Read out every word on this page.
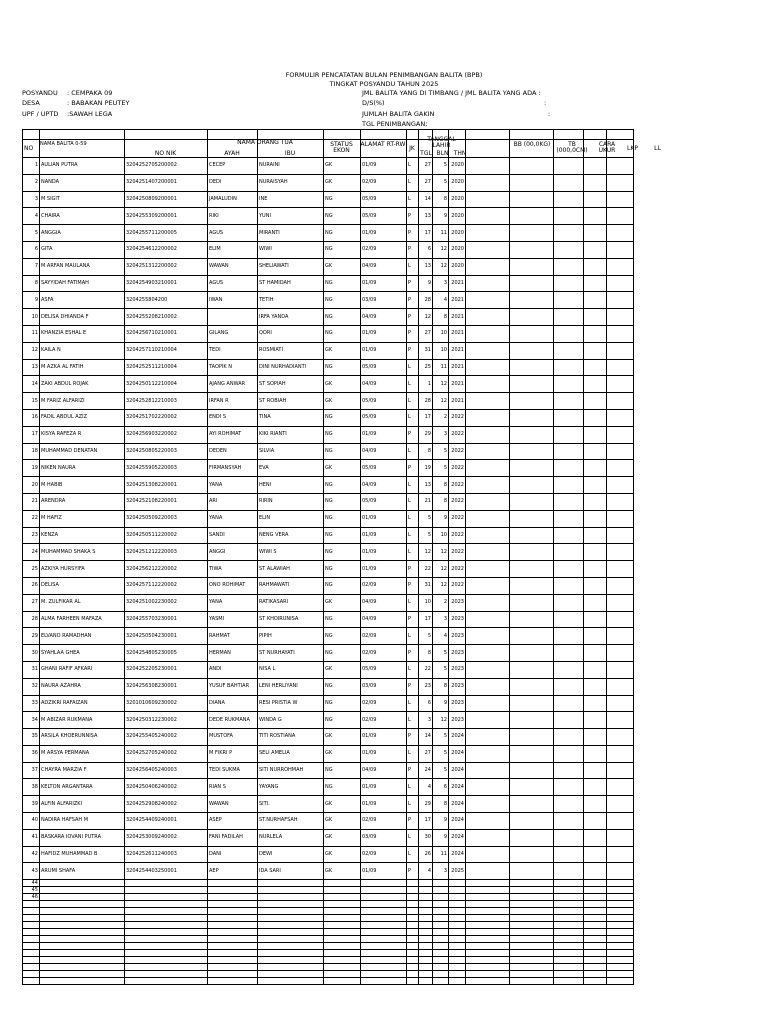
FORMULIR PENCATATAN BULAN PENIMBANGAN BALITA (BPB)
TINGKAT POSYANDU TAHUN 2025
POSYANDU : CEMPAKA 09
DESA	: BABAKAN PEUTEY
UPF / UPTD :SAWAH LEGA
JML BALITA YANG DI TIMBANG / JML BALITA YANG ADA :
D/S(%)	:
JUMLAH BALITA GAKIN	:
TGL PENIMBANGAN;

1	AULIAN PUTRA	3204252705200002	CECEP	NURAINI	GK	01/09	L	27	5	2020					
2	NANDA	3204251407200001	DEDI	NURAISYAH	GK	02/09	L	27	5	2020					
3	M SIGIT	3204250809200001	JAMALUDIN	INE	NG	05/09	L	14	8	2020					
4	CHAIRA	3204255309200001	RIKI	YUNI	NG	05/09	P	13	9	2020					
5	ANGGIA	3204255711200005	AGUS	MIRANTI	NG	01/09	P	17	11	2020					
6	GITA	3204254612200002	ELIM	WIWI	NG	02/09	P	6	12	2020					
7	M ARFAN MAULANA	3204251312200002	WAWAN	SHELIAWATI	GK	04/09	L	13	12	2020					
8	SAYYIDAH FATIMAH	3204254903210001	AGUS	ST HAMIDAH	NG	01/09	P	9	3	2021					
9	ASFA	3204255804200	IWAN	TETIH	NG	03/09	P	28	4	2021					
10	DELISA DHIANDA F	3204255208210002		IRFA YANDA	NG	04/09	P	12	8	2021					
11	KHANZIA ESHAL E	3204256710210001	GILANG	QORI	NG	01/09	P	27	10	2021					
12	KAILA N	3204257110210004	TEDI	ROSMIATI	GK	01/09	P	31	10	2021					
13	M AZKA AL FATIH	3204252511210004	TAOPIK N	DINI NURHADIANTI	NG	05/09	L	25	11	2021					
14	ZAKI ABDUL ROJAK	3204250112210004	AJANG ANWAR	ST SOPIAH	GK	04/09	L	1	12	2021					
15	M FARIZ ALFARIZI	3204252812210003	IRFAN R	ST ROBIAH	GK	05/09	L	28	12	2021					
16	FADIL ABDUL AZIZ	3204251702220002	ENDI S	TINA	NG	05/09	L	17	2	2022					
17	KISYA RAFEZA R	3204256903220002	AYI ROHIMAT	KIKI RIANTI	NG	01/09	P	29	3	2022					
18	MUHAMMAD DENATAN	3204250805220003	DEDEN	SILVIA	NG	04/09	L	8	5	2022					
19	NIKEN NAURA	3204255905220003	FIRMANSYAH	EVA	GK	05/09	P	19	5	2022					
20	M HABIB	3204251308220001	YANA	HENI	NG	04/09	L	13	8	2022					
21	ARENDRA	3204252108220001	ARI	RIRIN	NG	05/09	L	21	8	2022					
22	M HAFIZ	3204250509220003	YANA	ELIN	NG	01/09	L	5	9	2022					
23	KENZA	3204250511220002	SANDI	NENG VERA	NG	01/09	L	5	10	2022					
24	MUHAMMAD SHAKA S	3204251212220003	ANGGI	WIWI S	NG	01/09	L	12	12	2022					
25	AZKIYA HURSYIFA	3204256212220002	TIWA	ST ALAWIAH	NG	01/09	P	22	12	2022					
26	DELISA	3204257112220002	ONO ROHIMAT	RAHMAWATI	NG	02/09	P	31	12	2022					
27	M. ZULFIKAR AL	3204251002230002	YANA	RATIKASARI	GK	04/09	L	10	2	2023					
28	ALMA FARHEEN MAFAZA	3204255703230001	YASMI	ST KHOIRUNISA	NG	04/09	P	17	3	2023					
29	ELVANO RAMADHAN	3204250504230001	RAHMAT	PIPIH	NG	02/09	L	5	4	2023					
30	SYAHLAA GHEA	3204254805230005	HERMAN	ST NURHAYATI	NG	02/09	P	8	5	2023					
31	GHANI RAFIF AFKARI	3204252205230001	ANDI	NISA L	GK	05/09	L	22	5	2023					
32	NAURA AZAHRA	3204256308230001	YUSUF BAHTIAR	LENI HERLIYANI	NG	03/09	P	23	8	2023					
33	ADZIKRI RAFAIZAN	3201010609230002	DIANA	RESI PRISTIA W	NG	02/09	L	6	9	2023					
34	M ABIZAR RUKMANA	3204250312230002	DEDE RUKMANA	WINDA G	NG	02/09	L	3	12	2023					
35	ARSILA KHOERUNNISA	3204255405240002	MUSTOFA	TITI ROSTIANA	GK	01/09	P	14	5	2024					
36	M ARSYA PERMANA	3204252705240002	M FIKRI P	SELI AMELIA	GK	01/09	L	27	5	2024					
37	CHAYRA MARZIA F	3204256405240003	TEDI SUKMA	SITI NURROHMAH	NG	04/09	P	24	5	2024					
38	KELTON ARGANTARA	3204250406240002	RIAN S	YAYANG	NG	01/09	L	4	6	2024					
39	ALFIN ALFARIZKI	3204252908240002	WAWAN	SITI.	GK	01/09	L	29	8	2024					
40	NADIRA HAFSAH M	3204254409240001	ASEP	ST.NURHAFSAH	GK	02/09	P	17	9	2024					
41	BASKARA IOVANI PUTRA	3204253009240002	FANI FADILAH	NURLELA	GK	03/09	L	30	9	2024					
42	HAFIDZ MUHAMMAD B	3204252611240003	DANI	DEWI	GK	02/09	L	26	11	2024					
43	ARUMI SHAFA	3204254403250001	AEP	IDA SARI	GK	01/09	P	4	3	2025					
44															
45															
46															

NO
NAMA BALITA 0-59
NO NIK
NAMA ORANG TUA
AYAH	IBU
STATUS EKON
ALAMAT RT-RW
JK
TANGGAL LAHIR
TGL BLN THN
BB (00,0KG)	TB (000,0CM)
CARA UKUR	LKP	LL
